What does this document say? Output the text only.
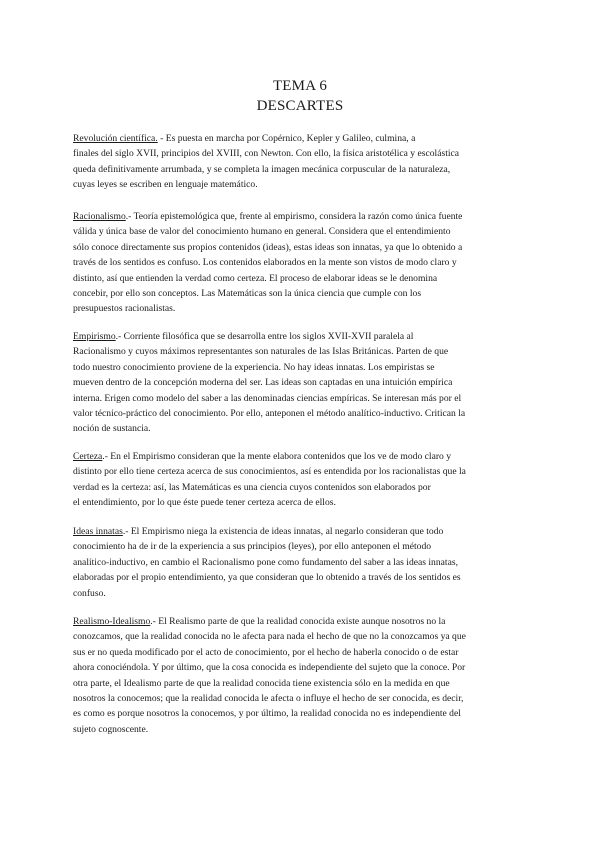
TEMA 6
DESCARTES
Revolución científica. - Es puesta en marcha por Copérnico, Kepler y Galileo, culmina, a
finales del siglo XVII, principios del XVIII, con Newton. Con ello, la física aristotélica y escolástica
queda definitivamente arrumbada, y se completa la imagen mecánica corpuscular de la naturaleza,
cuyas leyes se escriben en lenguaje matemático.
Racionalismo.- Teoría epistemológica que, frente al empirismo, considera la razón como única fuente
válida y única base de valor del conocimiento humano en general. Considera que el entendimiento
sólo conoce directamente sus propios contenidos (ideas), estas ideas son innatas, ya que lo obtenido a
través de los sentidos es confuso. Los contenidos elaborados en la mente son vistos de modo claro y
distinto, así que entienden la verdad como certeza. El proceso de elaborar ideas se le denomina
concebir, por ello son conceptos. Las Matemáticas son la única ciencia que cumple con los
presupuestos racionalistas.
Empirismo.- Corriente filosófica que se desarrolla entre los siglos XVII-XVII paralela al
Racionalismo y cuyos máximos representantes son naturales de las Islas Británicas. Parten de que
todo nuestro conocimiento proviene de la experiencia. No hay ideas innatas. Los empiristas se
mueven dentro de la concepción moderna del ser. Las ideas son captadas en una intuición empírica
interna. Erigen como modelo del saber a las denominadas ciencias empíricas. Se interesan más por el
valor técnico-práctico del conocimiento. Por ello, anteponen el método analítico-inductivo. Critican la
noción de sustancia.
Certeza.- En el Empirismo consideran que la mente elabora contenidos que los ve de modo claro y
distinto por ello tiene certeza acerca de sus conocimientos, así es entendida por los racionalistas que la
verdad es la certeza: así, las Matemáticas es una ciencia cuyos contenidos son elaborados por
el entendimiento, por lo que éste puede tener certeza acerca de ellos.
Ideas innatas.- El Empirismo niega la existencia de ideas innatas, al negarlo consideran que todo
conocimiento ha de ir de la experiencia a sus principios (leyes), por ello anteponen el método
analítico-inductivo, en cambio el Racionalismo pone como fundamento del saber a las ideas innatas,
elaboradas por el propio entendimiento, ya que consideran que lo obtenido a través de los sentidos es
confuso.
Realismo-Idealismo.- El Realismo parte de que la realidad conocida existe aunque nosotros no la
conozcamos, que la realidad conocida no le afecta para nada el hecho de que no la conozcamos ya que
sus er no queda modificado por el acto de conocimiento, por el hecho de haberla conocido o de estar
ahora conociéndola. Y por último, que la cosa conocida es independiente del sujeto que la conoce. Por
otra parte, el Idealismo parte de que la realidad conocida tiene existencia sólo en la medida en que
nosotros la conocemos; que la realidad conocida le afecta o influye el hecho de ser conocida, es decir,
es como es porque nosotros la conocemos, y por último, la realidad conocida no es independiente del
sujeto cognoscente.
